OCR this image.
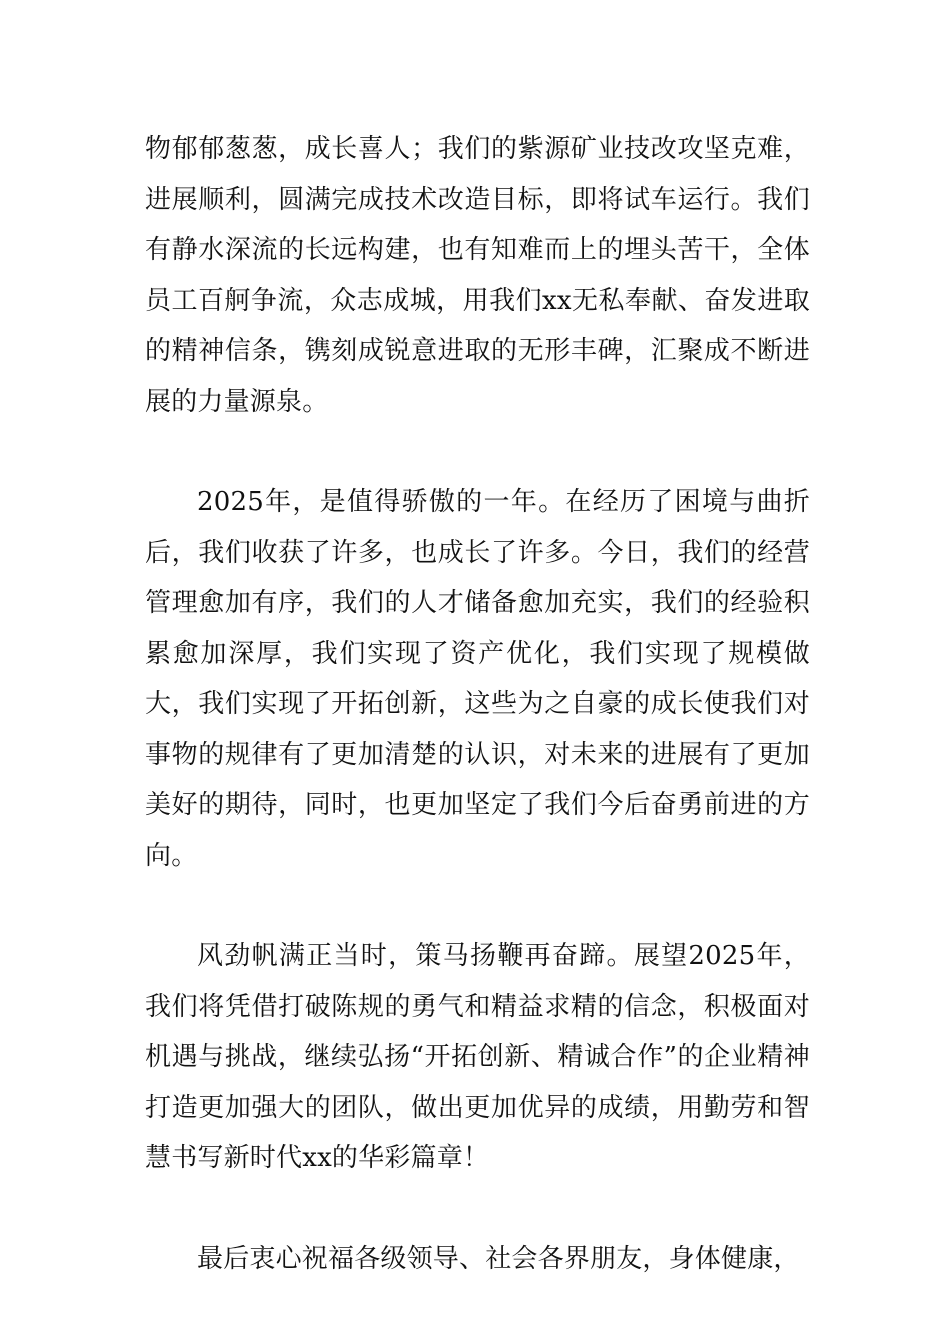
物郁郁葱葱，成长喜人；我们的紫源矿业技改攻坚克难，进展顺利，圆满完成技术改造目标，即将试车运行。我们有静水深流的长远构建，也有知难而上的埋头苦干，全体员工百舸争流，众志成城，用我们xx无私奉献、奋发进取的精神信条，镌刻成锐意进取的无形丰碑，汇聚成不断进展的力量源泉。

2025年，是值得骄傲的一年。在经历了困境与曲折后，我们收获了许多，也成长了许多。今日，我们的经营管理愈加有序，我们的人才储备愈加充实，我们的经验积累愈加深厚，我们实现了资产优化，我们实现了规模做大，我们实现了开拓创新，这些为之自豪的成长使我们对事物的规律有了更加清楚的认识，对未来的进展有了更加美好的期待，同时，也更加坚定了我们今后奋勇前进的方向。

风劲帆满正当时，策马扬鞭再奋蹄。展望2025年，我们将凭借打破陈规的勇气和精益求精的信念，积极面对机遇与挑战，继续弘扬“开拓创新、精诚合作”的企业精神打造更加强大的团队，做出更加优异的成绩，用勤劳和智慧书写新时代xx的华彩篇章！

最后衷心祝福各级领导、社会各界朋友，身体健康，
